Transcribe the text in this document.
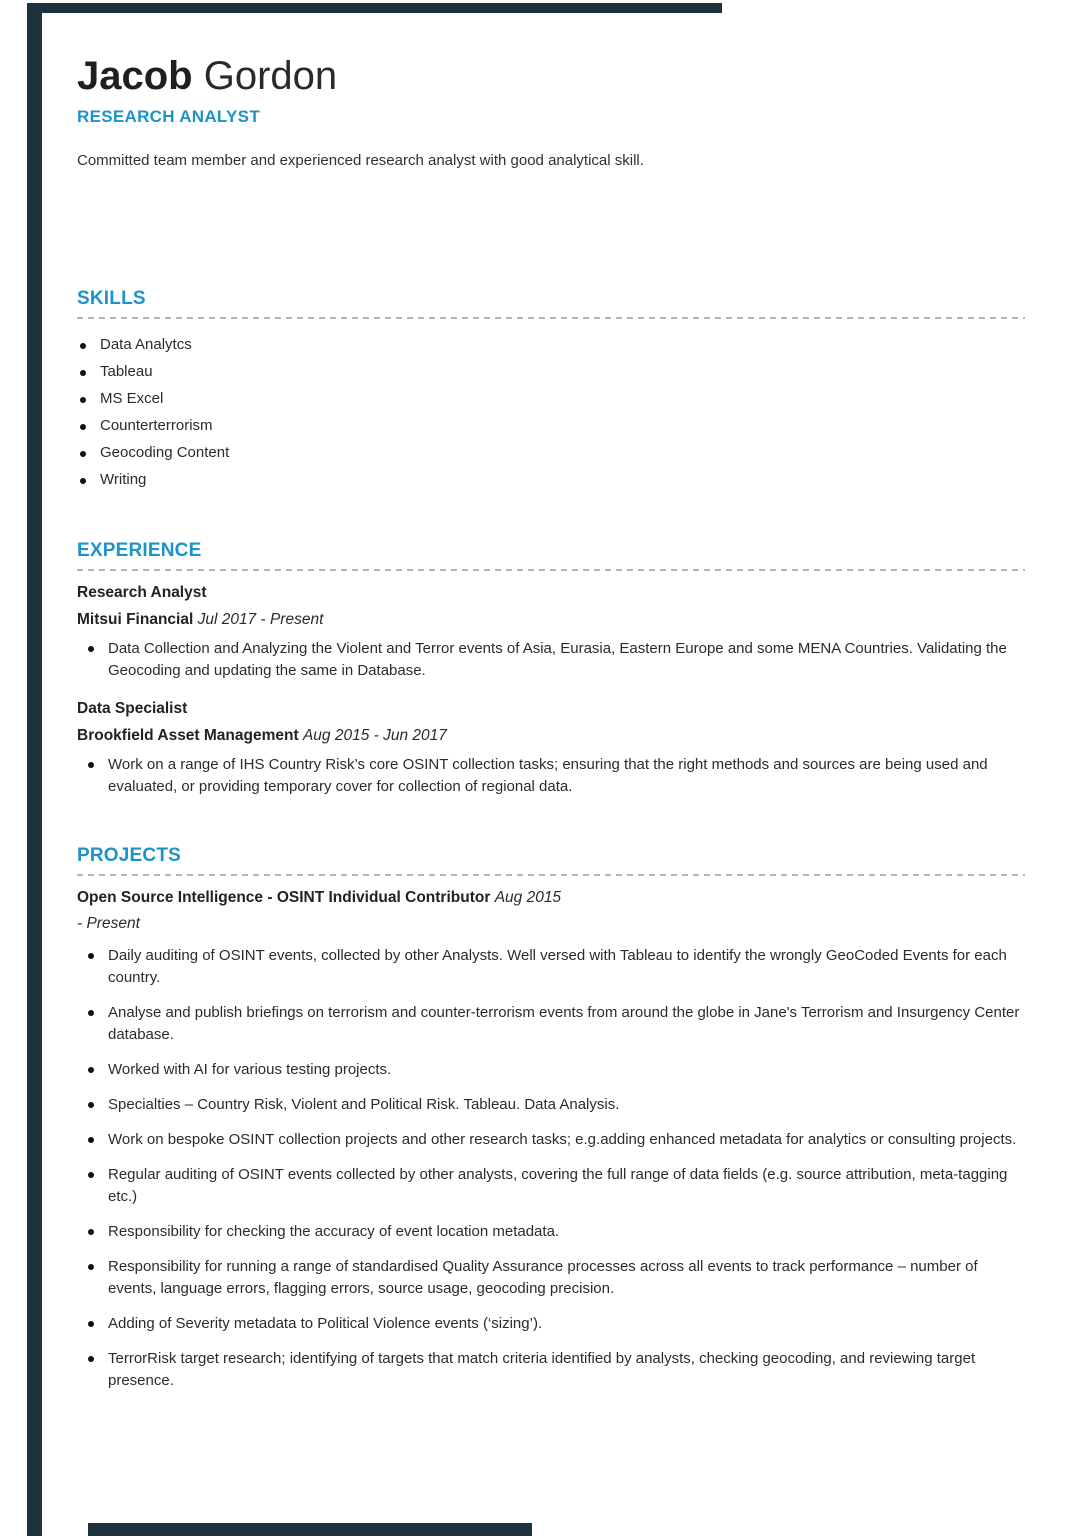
Jacob Gordon
RESEARCH ANALYST
Committed team member and experienced research analyst with good analytical skill.
SKILLS
Data Analytcs
Tableau
MS Excel
Counterterrorism
Geocoding Content
Writing
EXPERIENCE
Research Analyst
Mitsui Financial Jul 2017 - Present
Data Collection and Analyzing the Violent and Terror events of Asia, Eurasia, Eastern Europe and some MENA Countries. Validating the Geocoding and updating the same in Database.
Data Specialist
Brookfield Asset Management Aug 2015 - Jun 2017
Work on a range of IHS Country Risk’s core OSINT collection tasks; ensuring that the right methods and sources are being used and evaluated, or providing temporary cover for collection of regional data.
PROJECTS
Open Source Intelligence - OSINT Individual Contributor Aug 2015
- Present
Daily auditing of OSINT events, collected by other Analysts. Well versed with Tableau to identify the wrongly GeoCoded Events for each country.
Analyse and publish briefings on terrorism and counter-terrorism events from around the globe in Jane's Terrorism and Insurgency Center database.
Worked with AI for various testing projects.
Specialties – Country Risk, Violent and Political Risk. Tableau. Data Analysis.
Work on bespoke OSINT collection projects and other research tasks; e.g.adding enhanced metadata for analytics or consulting projects.
Regular auditing of OSINT events collected by other analysts, covering the full range of data fields (e.g. source attribution, meta-tagging etc.)
Responsibility for checking the accuracy of event location metadata.
Responsibility for running a range of standardised Quality Assurance processes across all events to track performance – number of events, language errors, flagging errors, source usage, geocoding precision.
Adding of Severity metadata to Political Violence events (‘sizing’).
TerrorRisk target research; identifying of targets that match criteria identified by analysts, checking geocoding, and reviewing target presence.
